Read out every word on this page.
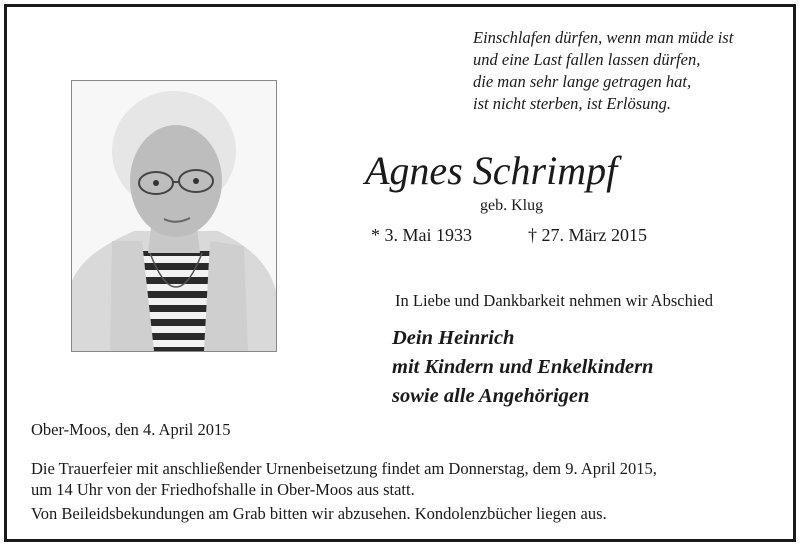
Einschlafen dürfen, wenn man müde ist
und eine Last fallen lassen dürfen,
die man sehr lange getragen hat,
ist nicht sterben, ist Erlösung.
Agnes Schrimpf
geb. Klug
* 3. Mai 1933	† 27. März 2015
In Liebe und Dankbarkeit nehmen wir Abschied
Dein Heinrich
mit Kindern und Enkelkindern
sowie alle Angehörigen
Ober-Moos, den 4. April 2015
Die Trauerfeier mit anschließender Urnenbeisetzung findet am Donnerstag, dem 9. April 2015,
um 14 Uhr von der Friedhofshalle in Ober-Moos aus statt.
Von Beileidsbekundungen am Grab bitten wir abzusehen. Kondolenzbücher liegen aus.
